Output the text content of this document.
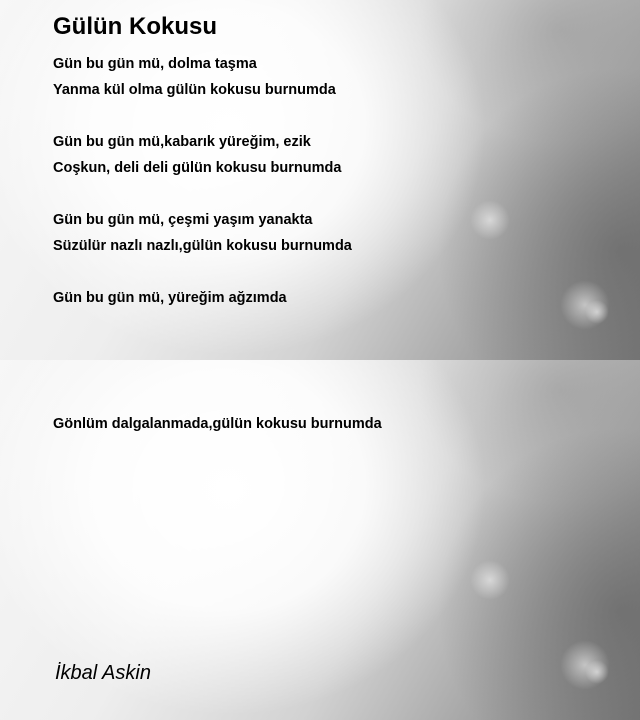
Gülün Kokusu

Gün bu gün mü, dolma taşma

Yanma kül olma gülün kokusu burnumda

Gün bu gün mü,kabarık yüreğim, ezik

Coşkun, deli deli gülün kokusu burnumda

Gün bu gün mü, çeşmi yaşım yanakta

Süzülür nazlı nazlı,gülün kokusu burnumda

Gün bu gün mü, yüreğim ağzımda

Gönlüm dalgalanmada,gülün kokusu burnumda

İkbal Askin
